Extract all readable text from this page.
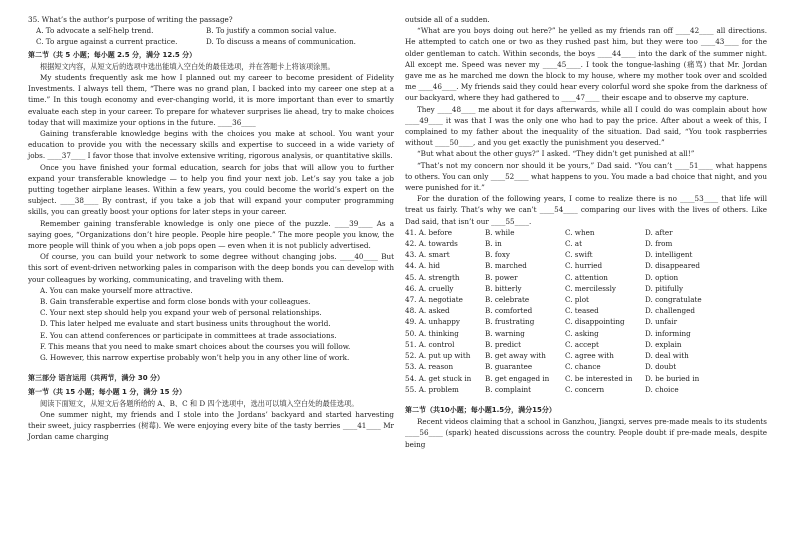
35. What’s the author’s purpose of writing the passage?

A. To advocate a self-help trend.	B. To justify a common social value.
C. To argue against a current practice.	D. To discuss a means of communication.

第二节（共 5 小题；每小题 2.5 分，满分 12.5 分）

根据短文内容，从短文后的选项中选出能填入空白处的最佳选项，并在答题卡上将该项涂黑。

My students frequently ask me how I planned out my career to become president of Fidelity Investments. I always tell them, “There was no grand plan, I backed into my career one step at a time.” In this tough economy and ever-changing world, it is more important than ever to smartly evaluate each step in your career. To prepare for whatever surprises lie ahead, try to make choices today that will maximize your options in the future. ____36____

Gaining transferable knowledge begins with the choices you make at school. You want your education to provide you with the necessary skills and expertise to succeed in a wide variety of jobs. ____37____ I favor those that involve extensive writing, rigorous analysis, or quantitative skills.

Once you have finished your formal education, search for jobs that will allow you to further expand your transferable knowledge — to help you find your next job. Let’s say you take a job putting together airplane leases. Within a few years, you could become the world’s expert on the subject. ____38____ By contrast, if you take a job that will expand your computer programming skills, you can greatly boost your options for later steps in your career.

Remember gaining transferable knowledge is only one piece of the puzzle. ____39____ As a saying goes, “Organizations don’t hire people. People hire people.” The more people you know, the more people will think of you when a job pops open — even when it is not publicly advertised.

Of course, you can build your network to some degree without changing jobs. ____40____ But this sort of event-driven networking pales in comparison with the deep bonds you can develop with your colleagues by working, communicating, and traveling with them.

A. You can make yourself more attractive.

B. Gain transferable expertise and form close bonds with your colleagues.

C. Your next step should help you expand your web of personal relationships.

D. This later helped me evaluate and start business units throughout the world.

E. You can attend conferences or participate in committees at trade associations.

F. This means that you need to make smart choices about the courses you will follow.

G. However, this narrow expertise probably won’t help you in any other line of work.

第三部分 语言运用（共两节，满分 30 分）

第一节（共 15 小题；每小题 1 分，满分 15 分）

阅读下面短文，从短文后各题所给的 A、B、C 和 D 四个选项中，选出可以填入空白处的最佳选项。

One summer night, my friends and I stole into the Jordans’ backyard and started harvesting their sweet, juicy raspberries (树莓). We were enjoying every bite of the tasty berries ____41____ Mr Jordan came charging

outside all of a sudden.

“What are you boys doing out here?” he yelled as my friends ran off ____42____ all directions. He attempted to catch one or two as they rushed past him, but they were too ____43____ for the older gentleman to catch. Within seconds, the boys ____44____ into the dark of the summer night. All except me. Speed was never my ____45____. I took the tongue-lashing (痛骂) that Mr. Jordan gave me as he marched me down the block to my house, where my mother took over and scolded me ____46____. My friends said they could hear every colorful word she spoke from the darkness of our backyard, where they had gathered to ____47____ their escape and to observe my capture.

They ____48____ me about it for days afterwards, while all I could do was complain about how ____49____ it was that I was the only one who had to pay the price. After about a week of this, I complained to my father about the inequality of the situation. Dad said, “You took raspberries without ____50____, and you get exactly the punishment you deserved.”

“But what about the other guys?” I asked. “They didn’t get punished at all!”

“That’s not my concern nor should it be yours,” Dad said. “You can’t ____51____ what happens to others. You can only ____52____ what happens to you. You made a bad choice that night, and you were punished for it.”

For the duration of the following years, I come to realize there is no ____53____ that life will treat us fairly. That’s why we can’t ____54____ comparing our lives with the lives of others. Like Dad said, that isn’t our ____55____.

41. A. before	B. while	C. when	D. after
42. A. towards	B. in	C. at	D. from
43. A. smart	B. foxy	C. swift	D. intelligent
44. A. hid	B. marched	C. hurried	D. disappeared
45. A. strength	B. power	C. attention	D. option
46. A. cruelly	B. bitterly	C. mercilessly	D. pitifully
47. A. negotiate	B. celebrate	C. plot	D. congratulate
48. A. asked	B. comforted	C. teased	D. challenged
49. A. unhappy	B. frustrating	C. disappointing	D. unfair
50. A. thinking	B. warning	C. asking	D. informing
51. A. control	B. predict	C. accept	D. explain
52. A. put up with	B. get away with	C. agree with	D. deal with
53. A. reason	B. guarantee	C. chance	D. doubt
54. A. get stuck in	B. get engaged in	C. be interested in	D. be buried in
55. A. problem	B. complaint	C. concern	D. choice

第二节（共10小题；每小题1.5分，满分15分）

Recent videos claiming that a school in Ganzhou, Jiangxi, serves pre-made meals to its students ____56____ (spark) heated discussions across the country. People doubt if pre-made meals, despite being
